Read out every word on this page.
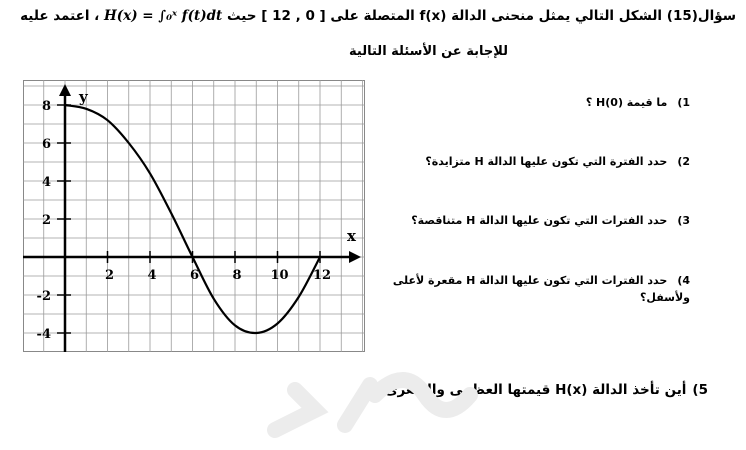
سؤال(15) الشكل التالي يمثل منحنى الدالة f(x) المتصلة على [ 0 , 12 ] حيث H(x) = ∫₀ˣ f(t)dt ، اعتمد عليه
للإجابة عن الأسئلة التالية
1)ما قيمة (H(0 ؟
2)حدد الفترة التي تكون عليها الدالة H متزايدة؟
3)حدد الفترات التي تكون عليها الدالة H متناقصة؟
4)حدد الفترات التي تكون عليها الدالة H مقعرة لأعلى ولأسفل؟
5)أين تأخذ الدالة (H(x قيمتها العظمى والصغرى؟
2	4	6	8 10 12
8
6
4
2
-2
-4
x
y
